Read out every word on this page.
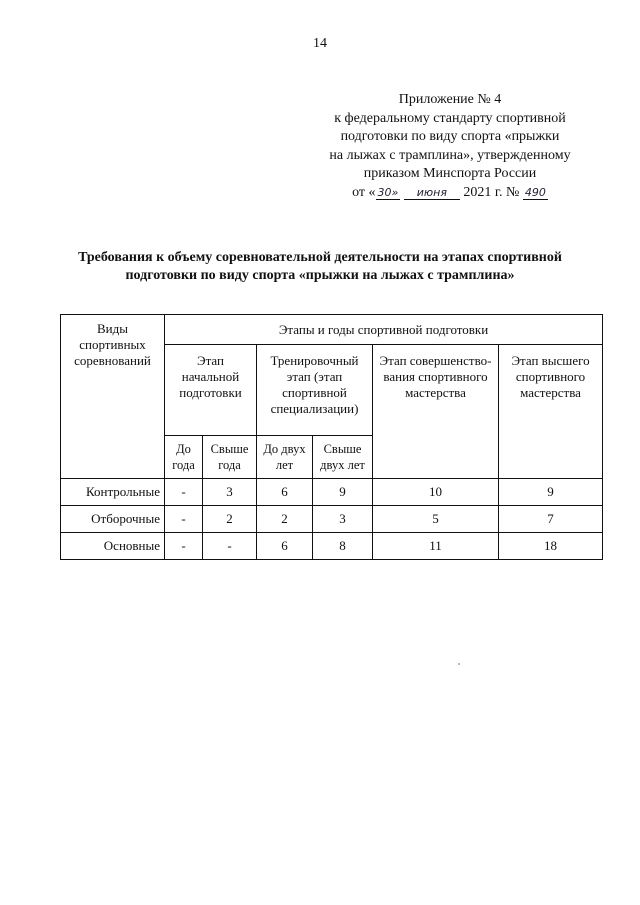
14
Приложение № 4
к федеральному стандарту спортивной
подготовки по виду спорта «прыжки
на лыжах с трамплина», утвержденному
приказом Минспорта России
от « 30» июня 2021 г. № 490
Требования к объему соревновательной деятельности на этапах спортивной
подготовки по виду спорта «прыжки на лыжах с трамплина»
Виды спортивных соревнований	Этапы и годы спортивной подготовки					
	Этап начальной подготовки		Тренировочный этап (этап спортивной специализации)		Этап совершенство-вания спортивного мастерства	Этап высшего спортивного мастерства
	До года	Свыше года	До двух лет	Свыше двух лет		
Контрольные	-	3	6	9	10	9
Отборочные	-	2	2	3	5	7
Основные	-	-	6	8	11	18
